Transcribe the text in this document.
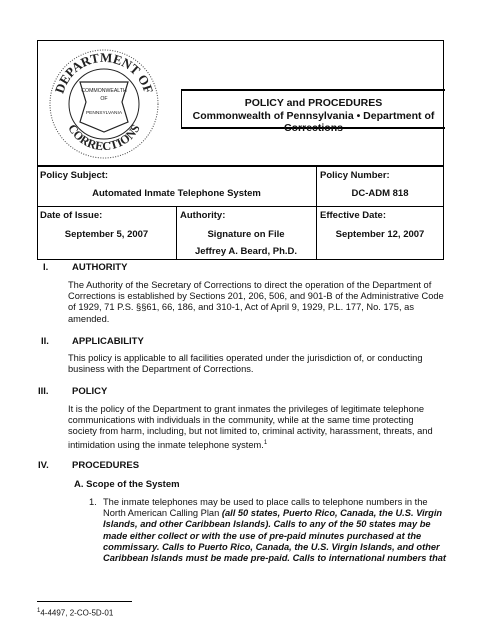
DEPARTMENT OF
CORRECTIONS
COMMONWEALTH
OF
PENNSYLVANIA
POLICY and PROCEDURES
Commonwealth of Pennsylvania • Department of Corrections
Policy Subject:
Automated Inmate Telephone System
Policy Number:
DC-ADM 818
Date of Issue:
September 5, 2007
Authority:
Signature on File
Jeffrey A. Beard, Ph.D.
Effective Date:
September 12, 2007
I. AUTHORITY
The Authority of the Secretary of Corrections to direct the operation of the Department of
Corrections is established by Sections 201, 206, 506, and 901-B of the Administrative Code
of 1929, 71 P.S. §§61, 66, 186, and 310-1, Act of April 9, 1929, P.L. 177, No. 175, as
amended.
II. APPLICABILITY
This policy is applicable to all facilities operated under the jurisdiction of, or conducting
business with the Department of Corrections.
III. POLICY
It is the policy of the Department to grant inmates the privileges of legitimate telephone
communications with individuals in the community, while at the same time protecting
society from harm, including, but not limited to, criminal activity, harassment, threats, and
intimidation using the inmate telephone system.$^1$
IV. PROCEDURES
A. Scope of the System
1. The inmate telephones may be used to place calls to telephone numbers in the
North American Calling Plan (all 50 states, Puerto Rico, Canada, the U.S. Virgin
Islands, and other Caribbean Islands). Calls to any of the 50 states may be
made either collect or with the use of pre-paid minutes purchased at the
commissary. Calls to Puerto Rico, Canada, the U.S. Virgin Islands, and other
Caribbean Islands must be made pre-paid. Calls to international numbers that
$^1$4-4497, 2-CO-5D-01
